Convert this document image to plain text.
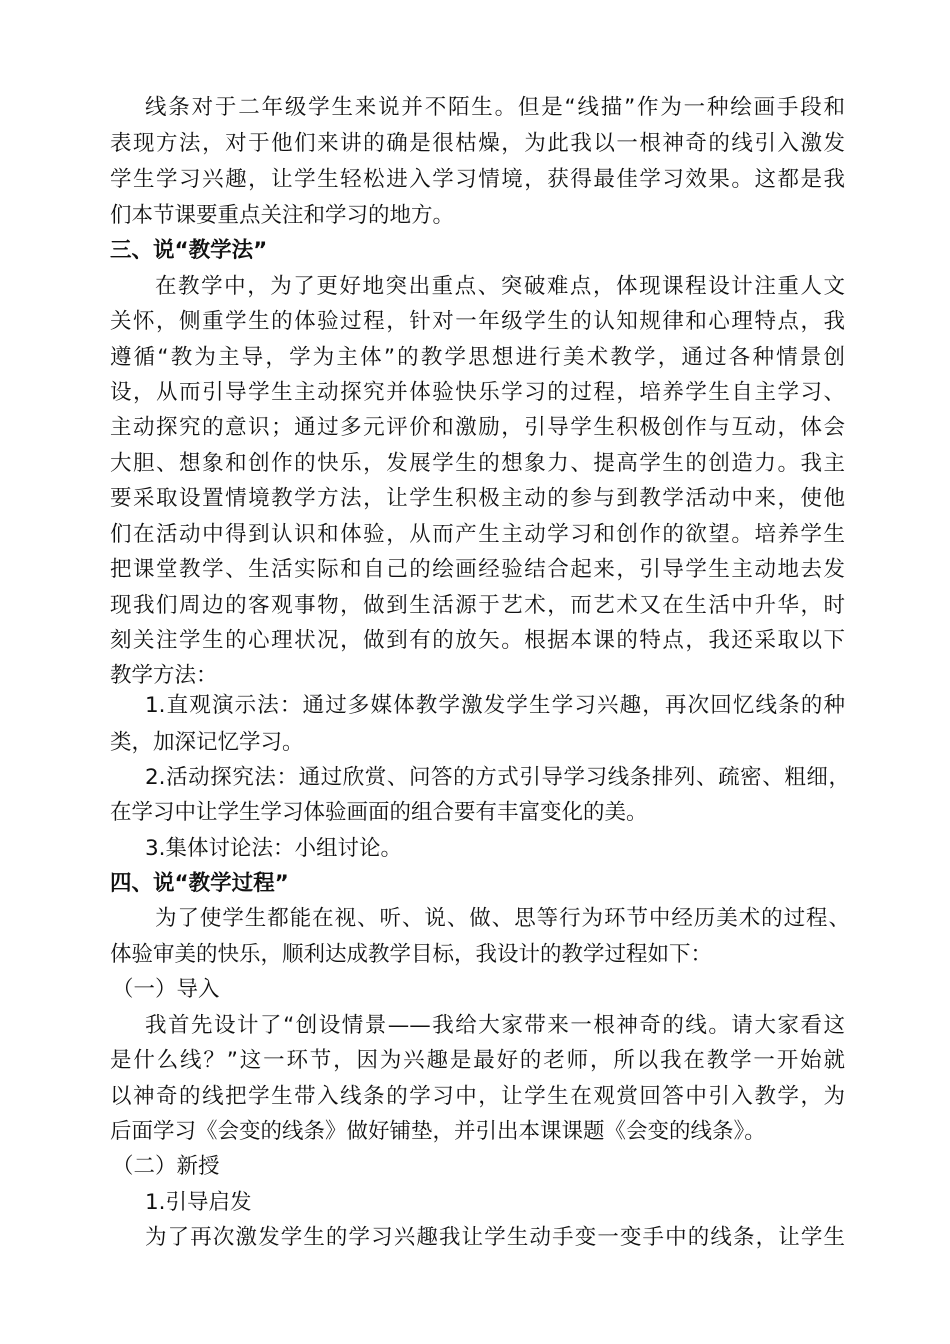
线条对于二年级学生来说并不陌生。但是“线描”作为一种绘画手段和
表现方法，对于他们来讲的确是很枯燥，为此我以一根神奇的线引入激发
学生学习兴趣，让学生轻松进入学习情境，获得最佳学习效果。这都是我
们本节课要重点关注和学习的地方。
三、说“教学法”
在教学中，为了更好地突出重点、突破难点，体现课程设计注重人文
关怀，侧重学生的体验过程，针对一年级学生的认知规律和心理特点，我
遵循“教为主导，学为主体”的教学思想进行美术教学，通过各种情景创
设，从而引导学生主动探究并体验快乐学习的过程，培养学生自主学习、
主动探究的意识；通过多元评价和激励，引导学生积极创作与互动，体会
大胆、想象和创作的快乐，发展学生的想象力、提高学生的创造力。我主
要采取设置情境教学方法，让学生积极主动的参与到教学活动中来，使他
们在活动中得到认识和体验，从而产生主动学习和创作的欲望。培养学生
把课堂教学、生活实际和自己的绘画经验结合起来，引导学生主动地去发
现我们周边的客观事物，做到生活源于艺术，而艺术又在生活中升华，时
刻关注学生的心理状况，做到有的放矢。根据本课的特点，我还采取以下
教学方法：
1.直观演示法：通过多媒体教学激发学生学习兴趣，再次回忆线条的种
类，加深记忆学习。
2.活动探究法：通过欣赏、问答的方式引导学习线条排列、疏密、粗细，
在学习中让学生学习体验画面的组合要有丰富变化的美。
3.集体讨论法：小组讨论。
四、说“教学过程”
为了使学生都能在视、听、说、做、思等行为环节中经历美术的过程、
体验审美的快乐，顺利达成教学目标，我设计的教学过程如下：
（一）导入
我首先设计了“创设情景——我给大家带来一根神奇的线。请大家看这
是什么线？”这一环节，因为兴趣是最好的老师，所以我在教学一开始就
以神奇的线把学生带入线条的学习中，让学生在观赏回答中引入教学，为
后面学习《会变的线条》做好铺垫，并引出本课课题《会变的线条》。
（二）新授
1.引导启发
为了再次激发学生的学习兴趣我让学生动手变一变手中的线条，让学生
